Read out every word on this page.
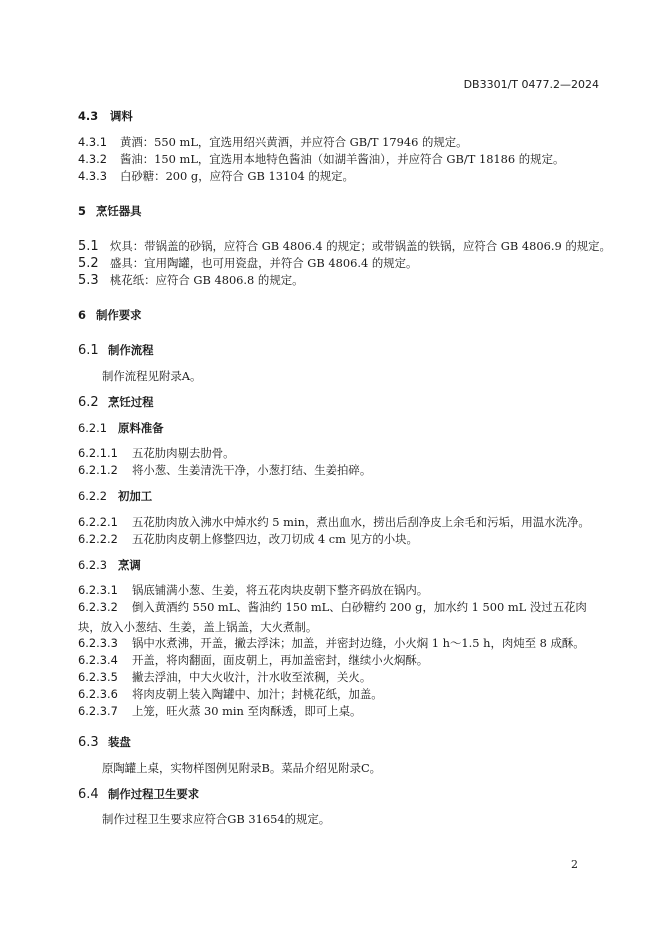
DB3301/T 0477.2—2024
4.3 调料
4.3.1 黄酒：550 mL，宜选用绍兴黄酒，并应符合 GB/T 17946 的规定。
4.3.2 酱油：150 mL，宜选用本地特色酱油（如湖羊酱油），并应符合 GB/T 18186 的规定。
4.3.3 白砂糖：200 g，应符合 GB 13104 的规定。
5 烹饪器具
5.1 炊具：带锅盖的砂锅，应符合 GB 4806.4 的规定；或带锅盖的铁锅，应符合 GB 4806.9 的规定。
5.2 盛具：宜用陶罐，也可用瓷盘，并符合 GB 4806.4 的规定。
5.3 桃花纸：应符合 GB 4806.8 的规定。
6 制作要求
6.1 制作流程
制作流程见附录A。
6.2 烹饪过程
6.2.1 原料准备
6.2.1.1 五花肋肉剔去肋骨。
6.2.1.2 将小葱、生姜清洗干净，小葱打结、生姜拍碎。
6.2.2 初加工
6.2.2.1 五花肋肉放入沸水中焯水约 5 min，煮出血水，捞出后刮净皮上余毛和污垢，用温水洗净。
6.2.2.2 五花肋肉皮朝上修整四边，改刀切成 4 cm 见方的小块。
6.2.3 烹调
6.2.3.1 锅底铺满小葱、生姜，将五花肉块皮朝下整齐码放在锅内。
6.2.3.2 倒入黄酒约 550 mL、酱油约 150 mL、白砂糖约 200 g，加水约 1 500 mL 没过五花肉块，放入小葱结、生姜，盖上锅盖，大火煮制。
6.2.3.3 锅中水煮沸，开盖，撇去浮沫；加盖，并密封边缝，小火焖 1 h～1.5 h，肉炖至 8 成酥。
6.2.3.4 开盖，将肉翻面，面皮朝上，再加盖密封，继续小火焖酥。
6.2.3.5 撇去浮油，中大火收汁，汁水收至浓稠，关火。
6.2.3.6 将肉皮朝上装入陶罐中、加汁；封桃花纸，加盖。
6.2.3.7 上笼，旺火蒸 30 min 至肉酥透，即可上桌。
6.3 装盘
原陶罐上桌，实物样图例见附录B。菜品介绍见附录C。
6.4 制作过程卫生要求
制作过程卫生要求应符合GB 31654的规定。
2
